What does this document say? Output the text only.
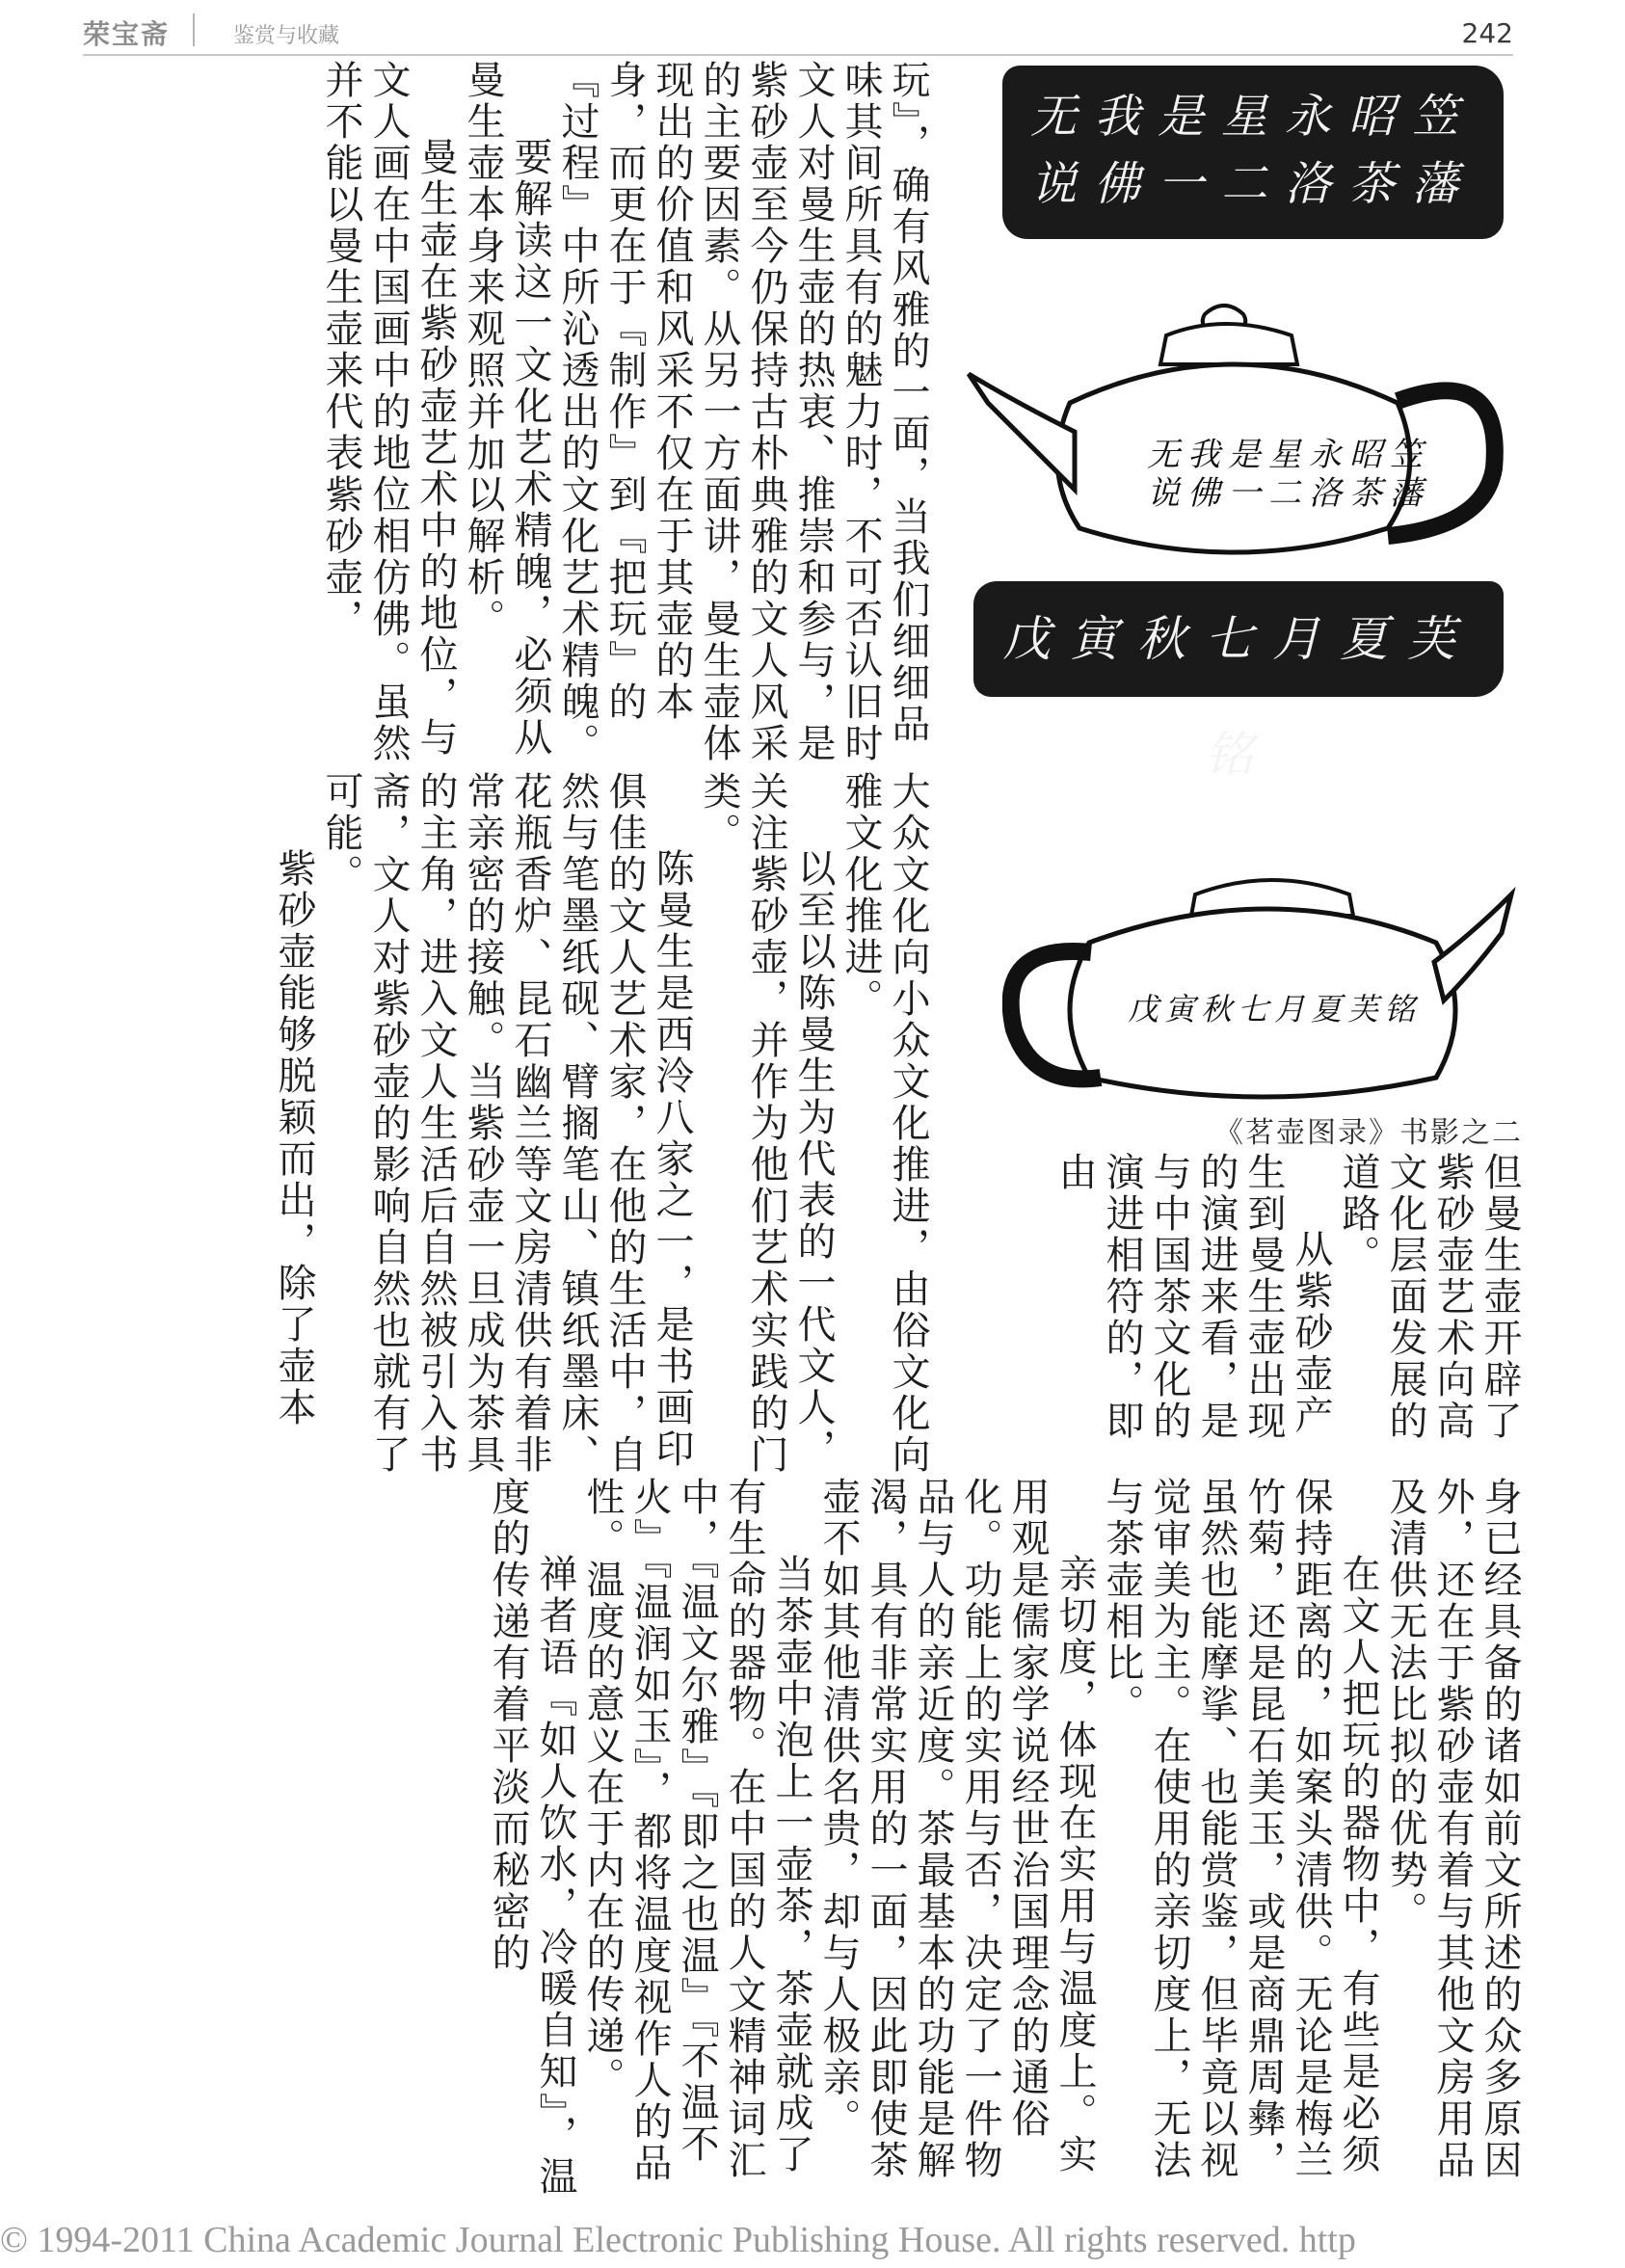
荣宝斋	鉴赏与收藏	242

玩』，确有风雅的一面，当我们细细品味其间所具有的魅力时，不可否认旧时文人对曼生壶的热衷、推崇和参与，是紫砂壶至今仍保持古朴典雅的文人风采的主要因素。从另一方面讲，曼生壶体现出的价值和风采不仅在于其壶的本身，而更在于『制作』到『把玩』的『过程』中所沁透出的文化艺术精魄。

要解读这一文化艺术精魄，必须从曼生壶本身来观照并加以解析。

曼生壶在紫砂壶艺术中的地位，与文人画在中国画中的地位相仿佛。虽然并不能以曼生壶来代表紫砂壶，

大众文化向小众文化推进，由俗文化向雅文化推进。

以至以陈曼生为代表的一代文人，关注紫砂壶，并作为他们艺术实践的门类。

陈曼生是西泠八家之一，是书画印俱佳的文人艺术家，在他的生活中，自然与笔墨纸砚、臂搁笔山、镇纸墨床、花瓶香炉、昆石幽兰等文房清供有着非常亲密的接触。当紫砂壶一旦成为茶具的主角，进入文人生活后自然被引入书斋，文人对紫砂壶的影响自然也就有了可能。

紫砂壶能够脱颖而出，除了壶本

无我是星永昭笠
说佛一二洛茶藩
无我是星永昭笠
说佛一二洛茶藩
戊寅秋七月夏芙铭
戊寅秋七月夏芙铭
《茗壶图录》书影之二

但曼生壶开辟了紫砂壶艺术向高文化层面发展的道路。

从紫砂壶产生到曼生壶出现的演进来看，是与中国茶文化的演进相符的，即由

身已经具备的诸如前文所述的众多原因外，还在于紫砂壶有着与其他文房用品及清供无法比拟的优势。

在文人把玩的器物中，有些是必须保持距离的，如案头清供。无论是梅兰竹菊，还是昆石美玉，或是商鼎周彝，虽然也能摩挲、也能赏鉴，但毕竟以视觉审美为主。在使用的亲切度上，无法与茶壶相比。

亲切度，体现在实用与温度上。实用观是儒家学说经世治国理念的通俗化。功能上的实用与否，决定了一件物品与人的亲近度。茶最基本的功能是解渴，具有非常实用的一面，因此即使茶壶不如其他清供名贵，却与人极亲。

当茶壶中泡上一壶茶，茶壶就成了有生命的器物。在中国的人文精神词汇中，『温文尔雅』『即之也温』『不温不火』『温润如玉』，都将温度视作人的品性。温度的意义在于内在的传递。

禅者语『如人饮水，冷暖自知』，温度的传递有着平淡而秘密的

© 1994-2011 China Academic Journal Electronic Publishing House. All rights reserved. http
